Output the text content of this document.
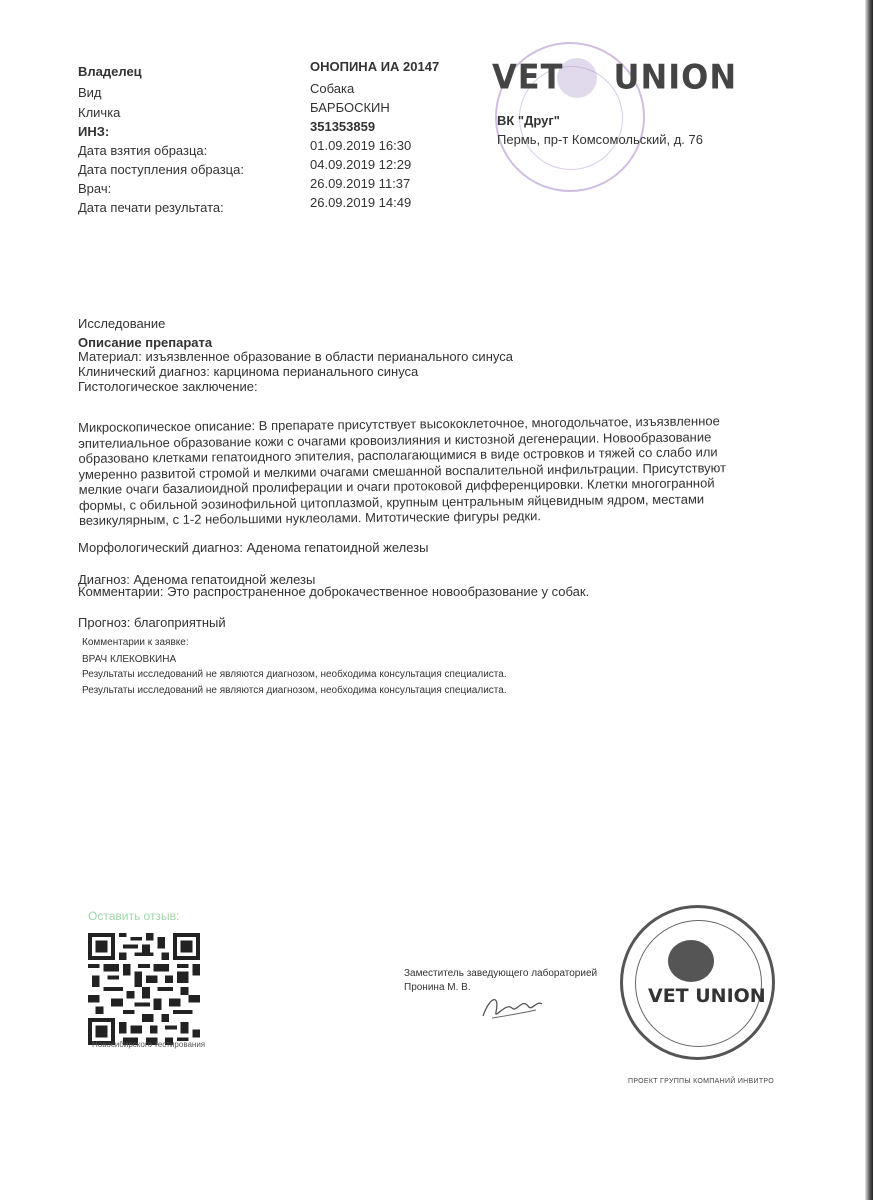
Владелец	ОНОПИНА ИА 20147
Вид	Собака
Кличка	БАРБОСКИН
ИНЗ:	351353859
Дата взятия образца:	01.09.2019 16:30
Дата поступления образца:	04.09.2019 12:29
Врач:	26.09.2019 11:37
Дата печати результата:	26.09.2019 14:49
VET UNION
ВК "Друг"
Пермь, пр-т Комсомольский, д. 76
Исследование
Описание препарата
Материал: изъязвленное образование в области перианального синуса
Клинический диагноз: карцинома перианального синуса
Гистологическое заключение:
Микроскопическое описание: В препарате присутствует высококлеточное, многодольчатое, изъязвленное
эпителиальное образование кожи с очагами кровоизлияния и кистозной дегенерации. Новообразование
образовано клетками гепатоидного эпителия, располагающимися в виде островков и тяжей со слабо или
умеренно развитой стромой и мелкими очагами смешанной воспалительной инфильтрации. Присутствуют
мелкие очаги базалиоидной пролиферации и очаги протоковой дифференцировки. Клетки многогранной
формы, с обильной эозинофильной цитоплазмой, крупным центральным яйцевидным ядром, местами
везикулярным, с 1-2 небольшими нуклеолами. Митотические фигуры редки.
Морфологический диагноз: Аденома гепатоидной железы
Диагноз: Аденома гепатоидной железы
Комментарии: Это распространенное доброкачественное новообразование у собак.
Прогноз: благоприятный
Комментарии к заявке:
ВРАЧ КЛЕКОВКИНА
Результаты исследований не являются диагнозом, необходима консультация специалиста.
Результаты исследований не являются диагнозом, необходима консультация специалиста.
Оставить отзыв:
Новосибирского тестирования
Заместитель заведующего лабораторией
Пронина М. В.	VET UNION
ПРОЕКТ ГРУППЫ КОМПАНИЙ ИНВИТРО
